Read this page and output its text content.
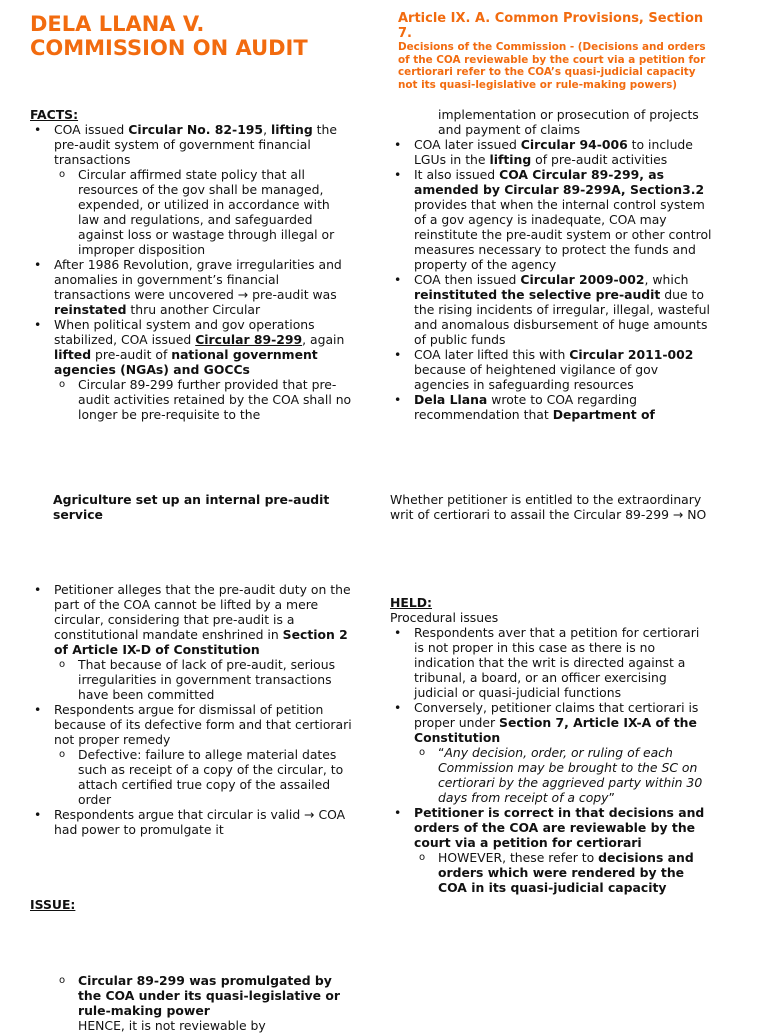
DELA LLANA V.
COMMISSION ON AUDIT
Article IX. A. Common Provisions, Section
7.
Decisions of the Commission - (Decisions and orders
of the COA reviewable by the court via a petition for
certiorari refer to the COA’s quasi-judicial capacity
not its quasi-legislative or rule-making powers)
FACTS:
• COA issued Circular No. 82-195, lifting the
pre-audit system of government financial
transactions
o Circular affirmed state policy that all
resources of the gov shall be managed,
expended, or utilized in accordance with
law and regulations, and safeguarded
against loss or wastage through illegal or
improper disposition
• After 1986 Revolution, grave irregularities and
anomalies in government’s financial
transactions were uncovered → pre-audit was
reinstated thru another Circular
• When political system and gov operations
stabilized, COA issued Circular 89-299, again
lifted pre-audit of national government
agencies (NGAs) and GOCCs
o Circular 89-299 further provided that pre-
audit activities retained by the COA shall no
longer be pre-requisite to the
implementation or prosecution of projects
and payment of claims
• COA later issued Circular 94-006 to include
LGUs in the lifting of pre-audit activities
• It also issued COA Circular 89-299, as
amended by Circular 89-299A, Section3.2
provides that when the internal control system
of a gov agency is inadequate, COA may
reinstitute the pre-audit system or other control
measures necessary to protect the funds and
property of the agency
• COA then issued Circular 2009-002, which
reinstituted the selective pre-audit due to
the rising incidents of irregular, illegal, wasteful
and anomalous disbursement of huge amounts
of public funds
• COA later lifted this with Circular 2011-002
because of heightened vigilance of gov
agencies in safeguarding resources
• Dela Llana wrote to COA regarding
recommendation that Department of
Agriculture set up an internal pre-audit
service
Whether petitioner is entitled to the extraordinary
writ of certiorari to assail the Circular 89-299 → NO
• Petitioner alleges that the pre-audit duty on the
part of the COA cannot be lifted by a mere
circular, considering that pre-audit is a
constitutional mandate enshrined in Section 2
of Article IX-D of Constitution
o That because of lack of pre-audit, serious
irregularities in government transactions
have been committed
• Respondents argue for dismissal of petition
because of its defective form and that certiorari
not proper remedy
o Defective: failure to allege material dates
such as receipt of a copy of the circular, to
attach certified true copy of the assailed
order
• Respondents argue that circular is valid → COA
had power to promulgate it
ISSUE:
o Circular 89-299 was promulgated by
the COA under its quasi-legislative or
rule-making power
HENCE, it is not reviewable by
HELD:
Procedural issues
• Respondents aver that a petition for certiorari
is not proper in this case as there is no
indication that the writ is directed against a
tribunal, a board, or an officer exercising
judicial or quasi-judicial functions
• Conversely, petitioner claims that certiorari is
proper under Section 7, Article IX-A of the
Constitution
o “Any decision, order, or ruling of each
Commission may be brought to the SC on
certiorari by the aggrieved party within 30
days from receipt of a copy”
• Petitioner is correct in that decisions and
orders of the COA are reviewable by the
court via a petition for certiorari
o HOWEVER, these refer to decisions and
orders which were rendered by the
COA in its quasi-judicial capacity
